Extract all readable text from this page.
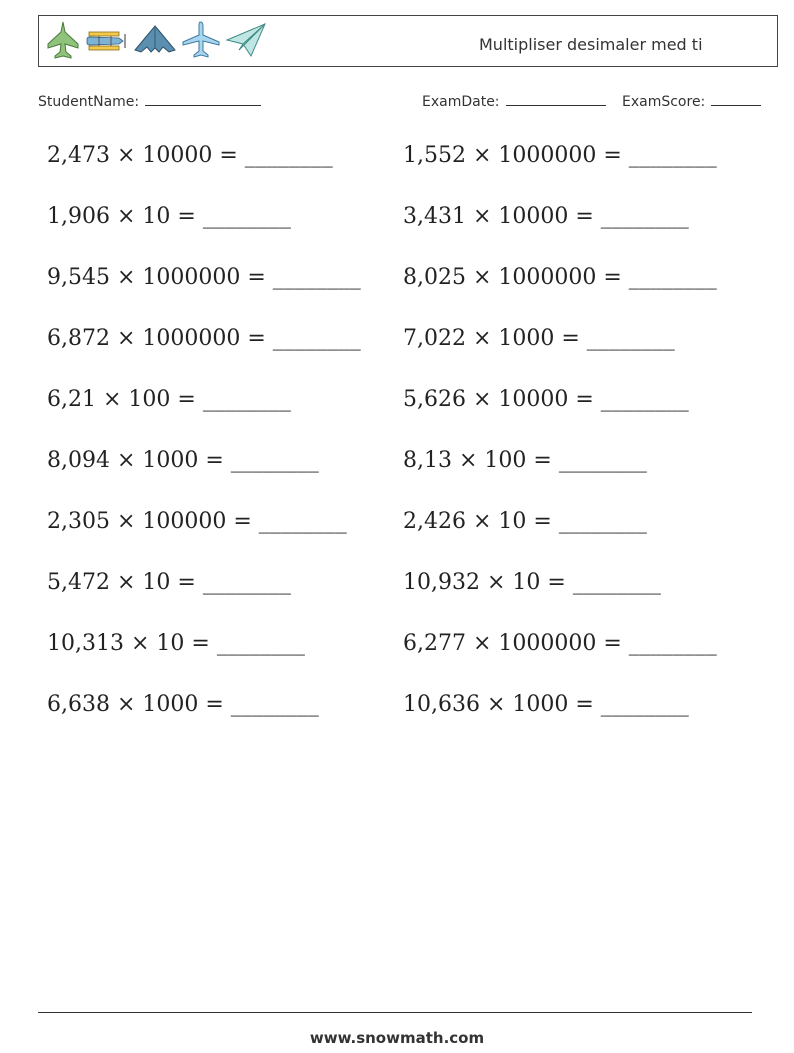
Multipliser desimaler med ti
StudentName:	ExamDate:	ExamScore:
2,473 × 10000 = ________	1,552 × 1000000 = ________
1,906 × 10 = ________	3,431 × 10000 = ________
9,545 × 1000000 = ________ 8,025 × 1000000 = ________
6,872 × 1000000 = ________ 7,022 × 1000 = ________
6,21 × 100 = ________	5,626 × 10000 = ________
8,094 × 1000 = ________	8,13 × 100 = ________
2,305 × 100000 = ________	2,426 × 10 = ________
5,472 × 10 = ________	10,932 × 10 = ________
10,313 × 10 = ________	6,277 × 1000000 = ________
6,638 × 1000 = ________	10,636 × 1000 = ________
www.snowmath.com
